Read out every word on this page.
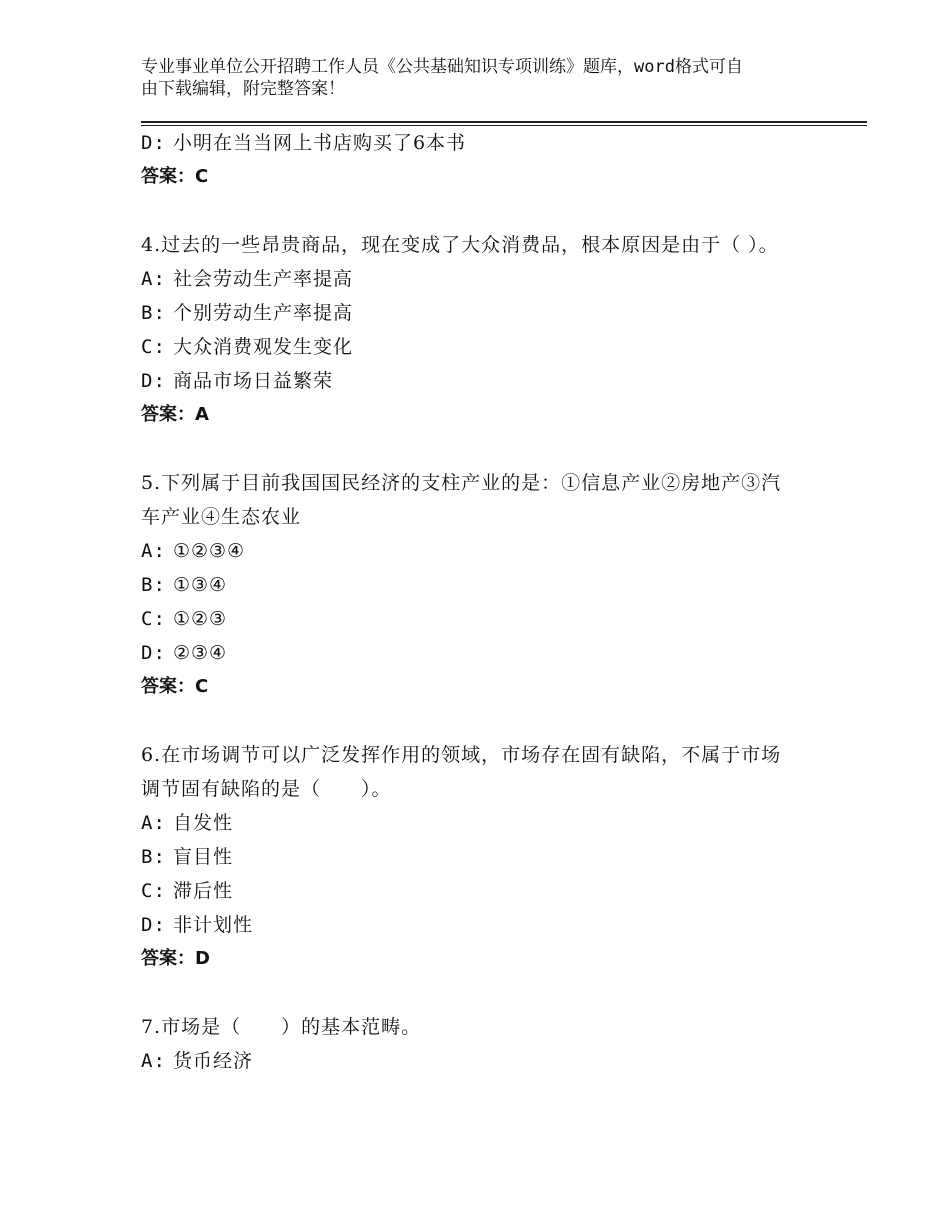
专业事业单位公开招聘工作人员《公共基础知识专项训练》题库，word格式可自
由下载编辑，附完整答案！
D: 小明在当当网上书店购买了6本书
答案：C
4.过去的一些昂贵商品，现在变成了大众消费品，根本原因是由于（ ）。
A: 社会劳动生产率提高
B: 个别劳动生产率提高
C: 大众消费观发生变化
D: 商品市场日益繁荣
答案：A
5.下列属于目前我国国民经济的支柱产业的是：①信息产业②房地产③汽车产业④生态农业
A: ①②③④
B: ①③④
C: ①②③
D: ②③④
答案：C
6.在市场调节可以广泛发挥作用的领域，市场存在固有缺陷，不属于市场调节固有缺陷的是（　　）。
A: 自发性
B: 盲目性
C: 滞后性
D: 非计划性
答案：D
7.市场是（　　）的基本范畴。
A: 货币经济
